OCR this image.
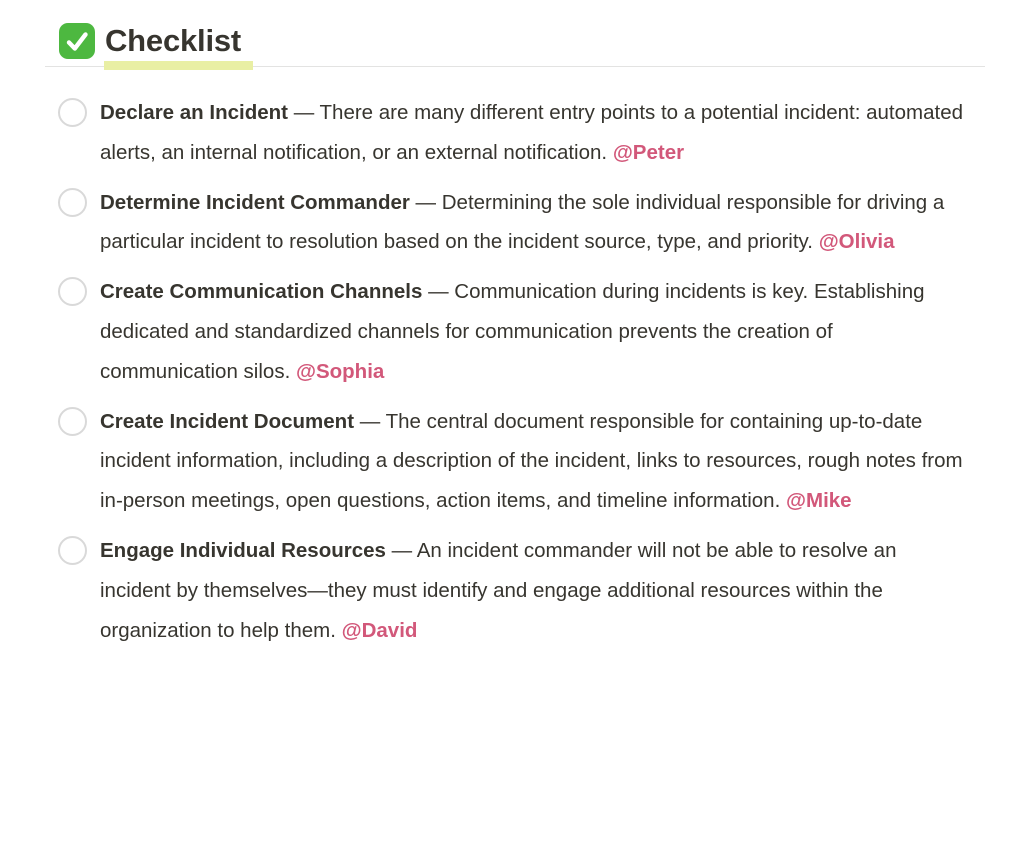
Checklist
Declare an Incident — There are many different entry points to a potential incident: automated alerts, an internal notification, or an external notification. @Peter
Determine Incident Commander — Determining the sole individual responsible for driving a particular incident to resolution based on the incident source, type, and priority. @Olivia
Create Communication Channels — Communication during incidents is key. Establishing dedicated and standardized channels for communication prevents the creation of communication silos. @Sophia
Create Incident Document — The central document responsible for containing up-to-date incident information, including a description of the incident, links to resources, rough notes from in-person meetings, open questions, action items, and timeline information. @Mike
Engage Individual Resources — An incident commander will not be able to resolve an incident by themselves—they must identify and engage additional resources within the organization to help them. @David
